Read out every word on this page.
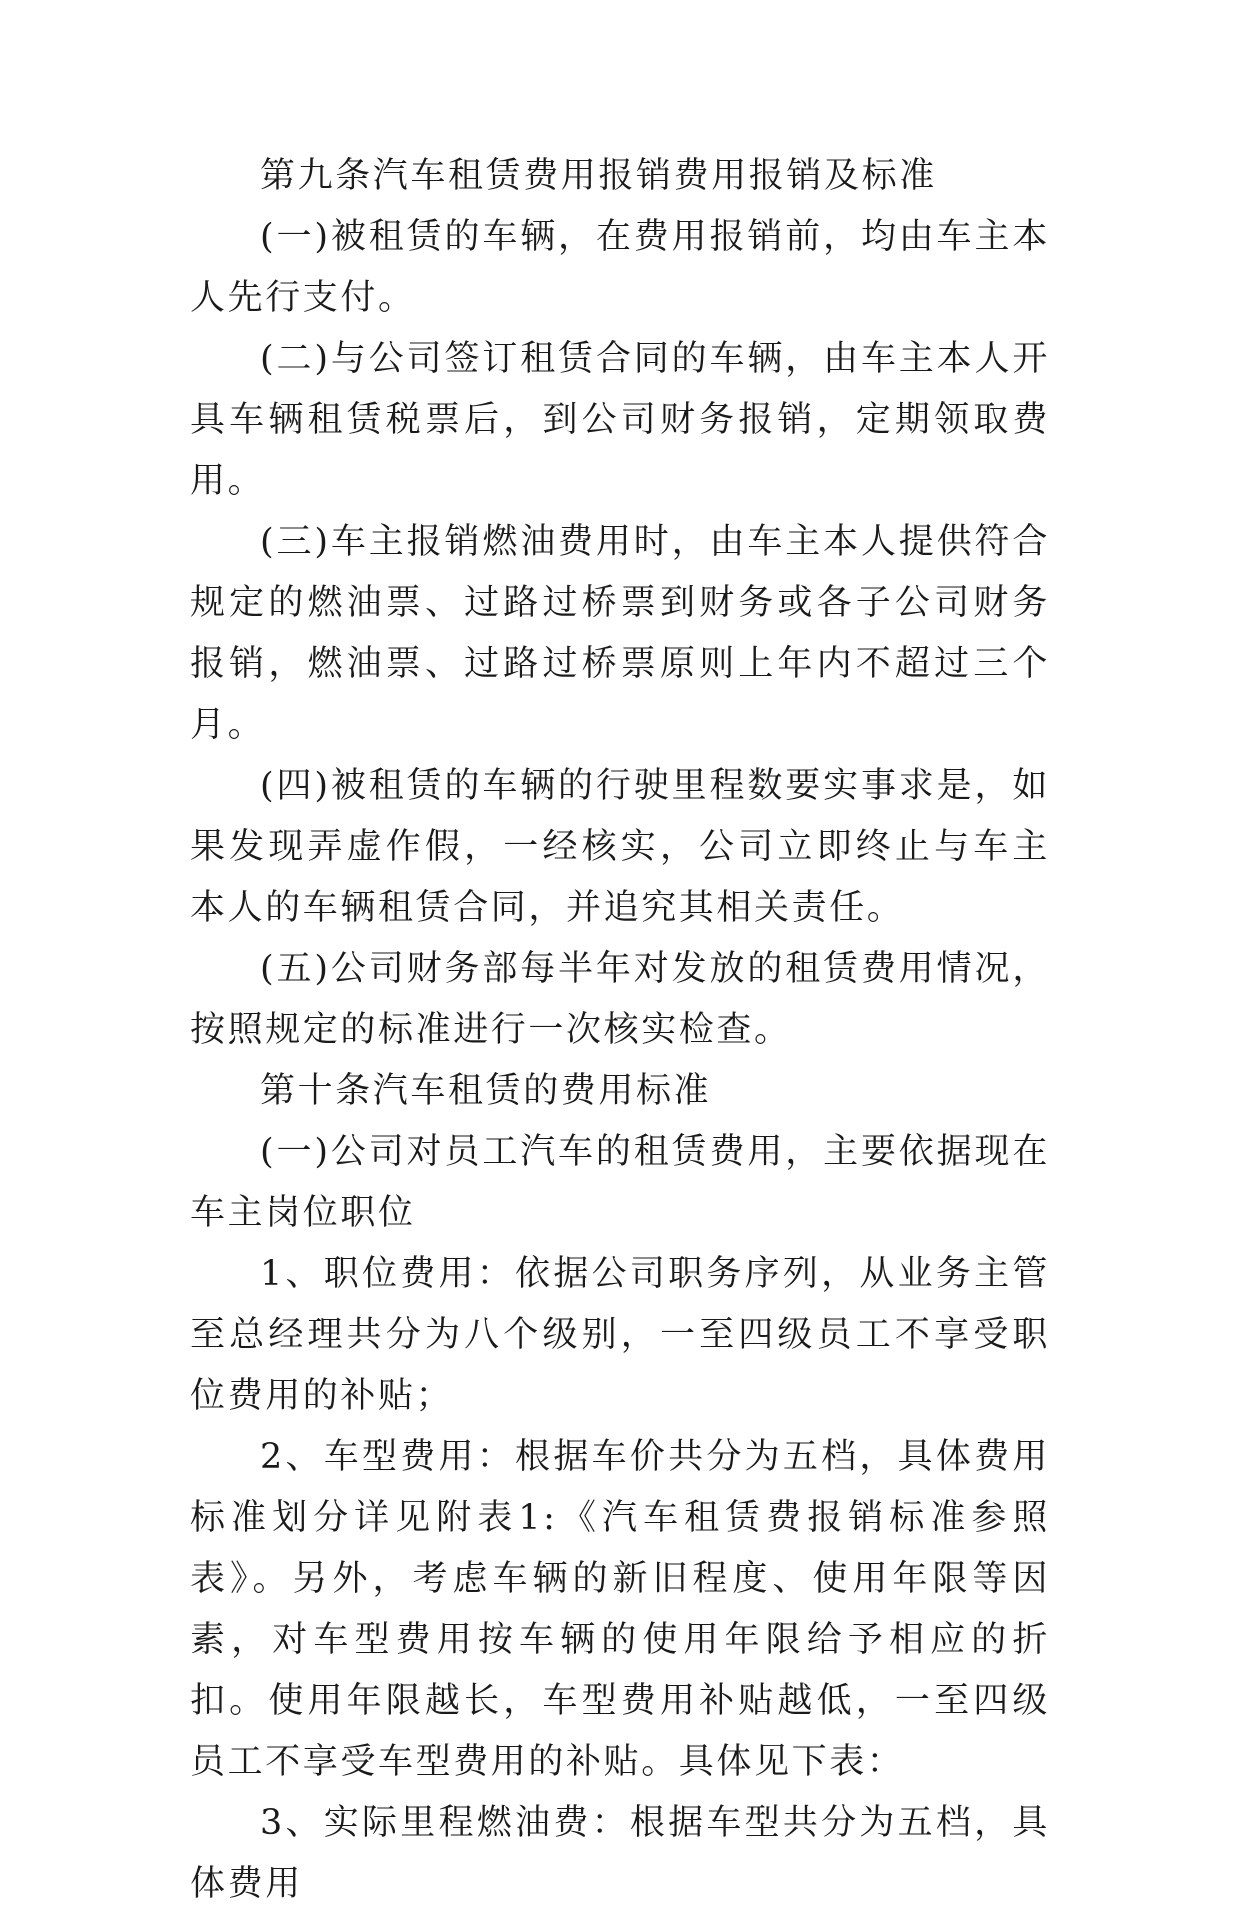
第九条汽车租赁费用报销费用报销及标准

(一)被租赁的车辆，在费用报销前，均由车主本人先行支付。

(二)与公司签订租赁合同的车辆，由车主本人开具车辆租赁税票后，到公司财务报销，定期领取费用。

(三)车主报销燃油费用时，由车主本人提供符合规定的燃油票、过路过桥票到财务或各子公司财务报销，燃油票、过路过桥票原则上年内不超过三个月。

(四)被租赁的车辆的行驶里程数要实事求是，如果发现弄虚作假，一经核实，公司立即终止与车主本人的车辆租赁合同，并追究其相关责任。

(五)公司财务部每半年对发放的租赁费用情况，按照规定的标准进行一次核实检查。

第十条汽车租赁的费用标准

(一)公司对员工汽车的租赁费用，主要依据现在车主岗位职位

1、职位费用：依据公司职务序列，从业务主管至总经理共分为八个级别，一至四级员工不享受职位费用的补贴；

2、车型费用：根据车价共分为五档，具体费用标准划分详见附表1:《汽车租赁费报销标准参照表》。另外，考虑车辆的新旧程度、使用年限等因素，对车型费用按车辆的使用年限给予相应的折扣。使用年限越长，车型费用补贴越低，一至四级员工不享受车型费用的补贴。具体见下表：

3、实际里程燃油费：根据车型共分为五档，具体费用
